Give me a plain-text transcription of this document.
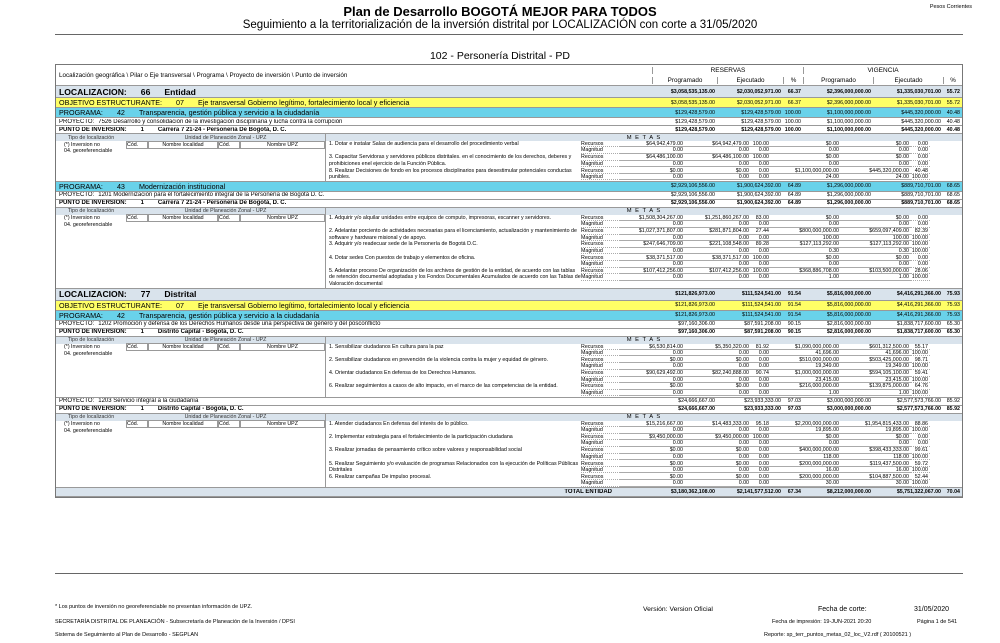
Plan de Desarrollo BOGOTÁ MEJOR PARA TODOS
Seguimiento a la territorialización de la inversión distrital por LOCALIZACIÓN con corte a 31/05/2020
Pesos Corrientes
102 - Personería Distrital - PD
Localización geográfica \ Pilar o Eje transversal \ Programa \ Proyecto de inversión \ Punto de inversión
RESERVAS	VIGENCIA
Programado	Ejecutado	%	Programado	Ejecutado	%
LOCALIZACION: 66 Entidad	$3,058,535,135.00	$2,030,052,971.00	66.37	$2,396,000,000.00	$1,335,030,701.00	55.72
OBJETIVO ESTRUCTURANTE: 07 Eje transversal Gobierno legítimo, fortalecimiento local y eficiencia	$3,058,535,135.00	$2,030,052,971.00	66.37	$2,396,000,000.00	$1,335,030,701.00	55.72
PROGRAMA: 42 Transparencia, gestión pública y servicio a la ciudadanía	$129,428,579.00	$129,428,579.00 100.00	$1,100,000,000.00	$445,320,000.00	40.48
PROYECTO: 7526 Desarrollo y consolidación de la investigación disciplinaria y lucha contra la corrupción	$129,428,579.00	$129,428,579.00 100.00	$1,100,000,000.00	$445,320,000.00	40.48
PUNTO DE INVERSIÓN: 1 Carrera 7 21-24 - Personeria De Bogotá, D. C.	$129,428,579.00	$129,428,579.00 100.00	$1,100,000,000.00	$445,320,000.00	40.48
Tipo de localización	Unidad de Planeación Zonal - UPZ
(*) Inversion no	Cód.	Nombre localidad	Cód.	Nombre UPZ
04. georeferenciable
M E T A S
1. Dotar e instalar Salas de audiencia para el desarrollo del procedimiento verbal	Recursos
Magnitud
$64,942,479.00	$64,942,479.00 100.00	$0.00	$0.00	0.00
0.00	0.00	0.00	0.00	0.00	0.00
3. Capacitar Servidoras y servidores públicos distritales. en el conocimiento de los derechos, deberes y prohibiciones enel ejercicio de la Función Pública.
Recursos
Magnitud
$64,486,100.00	$64,486,100.00 100.00	$0.00	$0.00	0.00
0.00	0.00	0.00	0.00	0.00	0.00
8. Realizar Decisiones de fondo en los procesos disciplinarios para desestimular potenciales conductas punibles.
Recursos
Magnitud
$0.00	$0.00	0.00	$1,100,000,000.00	$445,320,000.00	40.48
0.00	0.00	0.00	24.00	24.00 100.00
PROGRAMA: 43 Modernización institucional	$2,929,106,556.00	$1,900,624,392.00	64.89	$1,296,000,000.00	$889,710,701.00	68.65
PROYECTO: 1201 Modernización para el fortalecimiento integral de la Personería de Bogotá D. C.	$2,929,106,556.00	$1,900,624,392.00	64.89	$1,296,000,000.00	$889,710,701.00	68.65
PUNTO DE INVERSIÓN: 1 Carrera 7 21-24 - Personeria De Bogotá, D. C.	$2,929,106,556.00	$1,900,624,392.00	64.89	$1,296,000,000.00	$889,710,701.00	68.65
Tipo de localización	Unidad de Planeación Zonal - UPZ
(*) Inversion no	Cód.	Nombre localidad	Cód.	Nombre UPZ
04. georeferenciable
M E T A S
1. Adquirir y/o alquilar unidades entre equipos de computo, impresoras, escanner y servidores.	Recursos
Magnitud
$1,508,304,267.00	$1,251,860,267.00	83.00	$0.00	$0.00	0.00
0.00	0.00	0.00	0.00	0.00	0.00
2. Adelantar porciento de actividades necesarias para el licenciamiento, actualización y mantenimiento de software y hardware misional y de apoyo.
Recursos
Magnitud
$1,027,371,807.00	$281,871,804.00	27.44	$800,000,000.00	$659,097,409.00	82.39
0.00	0.00	0.00	100.00	100.00 100.00
3. Adquirir y/o readecuar sede de la Personería de Bogotá D.C.	Recursos
Magnitud
$247,646,709.00	$221,108,548.00	89.28	$127,113,292.00	$127,113,292.00 100.00
0.00	0.00	0.00	0.30	0.30 100.00
4. Dotar sedes Con puestos de trabajo y elementos de oficina.	Recursos
Magnitud
$38,371,517.00	$38,371,517.00 100.00	$0.00	$0.00	0.00
0.00	0.00	0.00	0.00	0.00	0.00
5. Adelantar proceso De organización de los archivos de gestión de la entidad, de acuerdo con las tablas de retención documental adoptadas y los Fondos Documentales Acumulados de acuerdo con las Tablas de Valoración documental
Recursos
Magnitud
$107,412,256.00	$107,412,256.00 100.00	$368,886,708.00	$103,500,000.00	28.06
0.00	0.00	0.00	1.00	1.00 100.00
LOCALIZACION: 77 Distrital	$121,826,973.00	$111,524,541.00	91.54	$5,816,000,000.00	$4,416,291,366.00	75.93
OBJETIVO ESTRUCTURANTE: 07 Eje transversal Gobierno legítimo, fortalecimiento local y eficiencia	$121,826,973.00	$111,524,541.00	91.54	$5,816,000,000.00	$4,416,291,366.00	75.93
PROGRAMA: 42 Transparencia, gestión pública y servicio a la ciudadanía	$121,826,973.00	$111,524,541.00	91.54	$5,816,000,000.00	$4,416,291,366.00	75.93
PROYECTO: 1202 Promoción y defensa de los Derechos Humanos desde una perspectiva de género y del posconflicto	$97,160,306.00	$87,591,208.00	90.15	$2,816,000,000.00	$1,838,717,600.00	65.30
PUNTO DE INVERSIÓN: 1 Distrito Capital - Bogotá, D. C.	$97,160,306.00	$87,591,208.00	90.15	$2,816,000,000.00	$1,838,717,600.00	65.30
Tipo de localización	Unidad de Planeación Zonal - UPZ
(*) Inversion no	Cód.	Nombre localidad	Cód.	Nombre UPZ
04. georeferenciable
M E T A S
1. Sensibilizar ciudadanos En cultura para la paz	Recursos
Magnitud
$6,530,814.00	$5,350,320.00	81.92	$1,090,000,000.00	$601,312,500.00	55.17
0.00	0.00	0.00	41,696.00	41,696.00 100.00
2. Sensibilizar ciudadanos en prevención de la violencia contra la mujer y equidad de género.	Recursos
Magnitud
$0.00	$0.00	0.00	$510,000,000.00	$503,425,000.00	98.71
0.00	0.00	0.00	19,349.00	19,349.00 100.00
4. Orientar ciudadanos En defensa de los Derechos Humanos.	Recursos
Magnitud
$90,629,492.00	$82,240,888.00	90.74	$1,000,000,000.00	$594,105,100.00	59.41
0.00	0.00	0.00	23,415.00	23,415.00 100.00
6. Realizar seguimientos a casos de alto impacto, en el marco de las competencias de la entidad.	Recursos
Magnitud
$0.00	$0.00	0.00	$216,000,000.00	$139,875,000.00	64.76
0.00	0.00	0.00	1.00	1.00 100.00
PROYECTO: 1203 Servicio integral a la ciudadanía	$24,666,667.00	$23,933,333.00	97.03	$3,000,000,000.00	$2,577,573,766.00	85.92
PUNTO DE INVERSIÓN: 1 Distrito Capital - Bogotá, D. C.	$24,666,667.00	$23,933,333.00	97.03	$3,000,000,000.00	$2,577,573,766.00	85.92
Tipo de localización	Unidad de Planeación Zonal - UPZ
(*) Inversion no	Cód.	Nombre localidad	Cód.	Nombre UPZ
04. georeferenciable
M E T A S
1. Atender ciudadanos En defensa del interés de lo público.	Recursos
Magnitud
$15,216,667.00	$14,483,333.00	95.18	$2,200,000,000.00	$1,954,815,433.00	88.86
0.00	0.00	0.00	19,895.00	19,895.00 100.00
2. Implementar estrategia para el fortalecimiento de la participación ciudadana	Recursos
Magnitud
$9,450,000.00	$9,450,000.00 100.00	$0.00	$0.00	0.00
0.00	0.00	0.00	0.00	0.00	0.00
3. Realizar jornadas de pensamiento crítico sobre valores y responsabilidad social	Recursos
Magnitud
$0.00	$0.00	0.00	$400,000,000.00	$398,433,333.00	99.61
0.00	0.00	0.00	118.00	118.00 100.00
5. Realizar Seguimiento y/o evaluación de programas Relacionados con la ejecución de Políticas Públicas Distritales
Recursos
Magnitud
$0.00	$0.00	0.00	$200,000,000.00	$119,437,500.00	59.72
0.00	0.00	0.00	16.00	16.00 100.00
6. Realizar campañas De impulso procesal.	Recursos
Magnitud
$0.00	$0.00	0.00	$200,000,000.00	$104,887,500.00	52.44
0.00	0.00	0.00	30.00	30.00 100.00
TOTAL ENTIDAD	$3,180,362,108.00	$2,141,577,512.00	67.34	$8,212,000,000.00	$5,751,322,067.00	70.04
* Los puntos de inversión no georeferenciable no presentan información de UPZ.
SECRETARÍA DISTRITAL DE PLANEACIÓN - Subsecretaría de Planeación de la Inversión / DPSI
Sistema de Seguimiento al Plan de Desarrollo - SEGPLAN
Versión: Version Oficial	Fecha de corte:	31/05/2020
Fecha de impresión: 19-JUN-2021 20:20	Página 1 de 541
Reporte: sp_terr_puntos_metas_02_loc_V2.rdf ( 20100521 )
